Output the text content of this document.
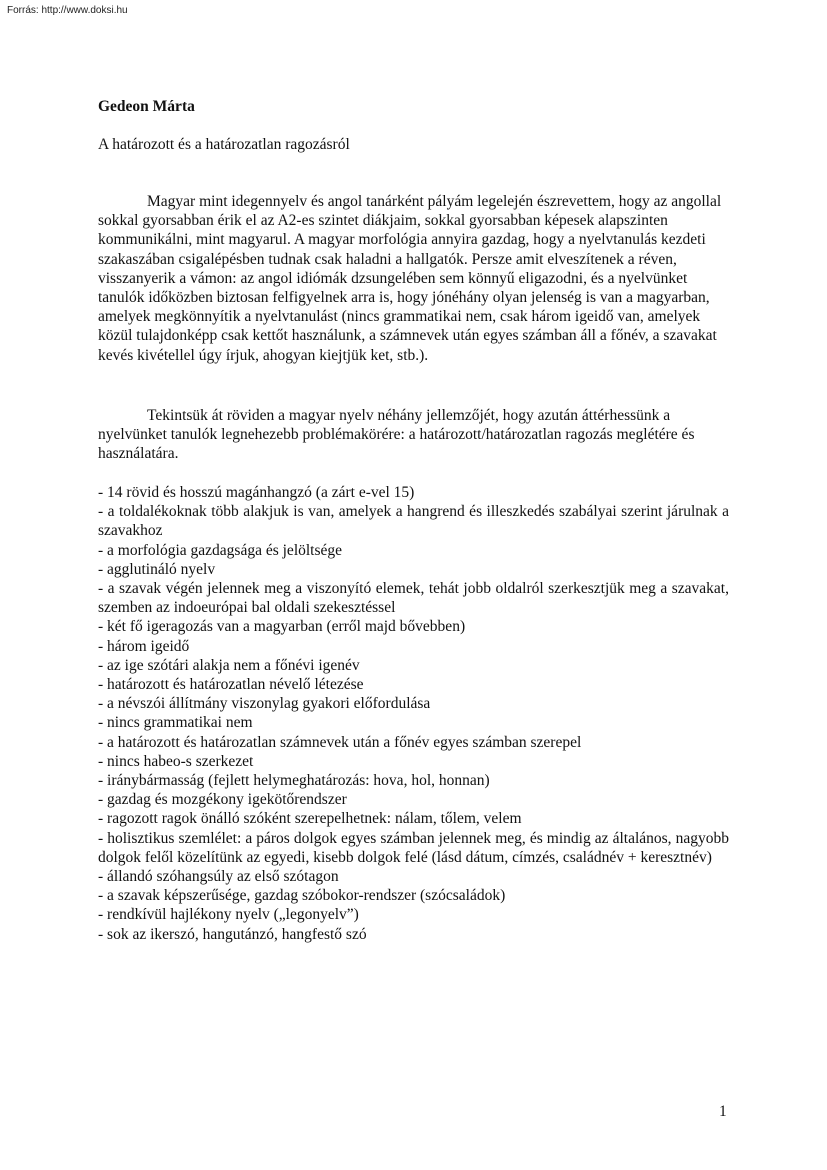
Forrás: http://www.doksi.hu
Gedeon Márta
A határozott és a határozatlan ragozásról

Magyar mint idegennyelv és angol tanárként pályám legelején észrevettem, hogy az angollal sokkal gyorsabban érik el az A2-es szintet diákjaim, sokkal gyorsabban képesek alapszinten kommunikálni, mint magyarul. A magyar morfológia annyira gazdag, hogy a nyelvtanulás kezdeti szakaszában csigalépésben tudnak csak haladni a hallgatók. Persze amit elveszítenek a réven, visszanyerik a vámon: az angol idiómák dzsungelében sem könnyű eligazodni, és a nyelvünket tanulók időközben biztosan felfigyelnek arra is, hogy jónéhány olyan jelenség is van a magyarban, amelyek megkönnyítik a nyelvtanulást (nincs grammatikai nem, csak három igeidő van, amelyek közül tulajdonképp csak kettőt használunk, a számnevek után egyes számban áll a főnév, a szavakat kevés kivétellel úgy írjuk, ahogyan kiejtjük ket, stb.).

Tekintsük át röviden a magyar nyelv néhány jellemzőjét, hogy azután áttérhessünk a nyelvünket tanulók legnehezebb problémakörére: a határozott/határozatlan ragozás meglétére és használatára.

- 14 rövid és hosszú magánhangzó (a zárt e-vel 15)
- a toldalékoknak több alakjuk is van, amelyek a hangrend és illeszkedés szabályai szerint járulnak a szavakhoz
- a morfológia gazdagsága és jelöltsége
- agglutináló nyelv
- a szavak végén jelennek meg a viszonyító elemek, tehát jobb oldalról szerkesztjük meg a szavakat, szemben az indoeurópai bal oldali szekesztéssel
- két fő igeragozás van a magyarban (erről majd bővebben)
- három igeidő
- az ige szótári alakja nem a főnévi igenév
- határozott és határozatlan névelő létezése
- a névszói állítmány viszonylag gyakori előfordulása
- nincs grammatikai nem
- a határozott és határozatlan számnevek után a főnév egyes számban szerepel
- nincs habeo-s szerkezet
- iránybármasság (fejlett helymeghatározás: hova, hol, honnan)
- gazdag és mozgékony igekötőrendszer
- ragozott ragok önálló szóként szerepelhetnek: nálam, tőlem, velem
- holisztikus szemlélet: a páros dolgok egyes számban jelennek meg, és mindig az általános, nagyobb dolgok felől közelítünk az egyedi, kisebb dolgok felé (lásd dátum, címzés, családnév + keresztnév)
- állandó szóhangsúly az első szótagon
- a szavak képszerűsége, gazdag szóbokor-rendszer (szócsaládok)
- rendkívül hajlékony nyelv („legonyelv”)
- sok az ikerszó, hangutánzó, hangfestő szó
1
